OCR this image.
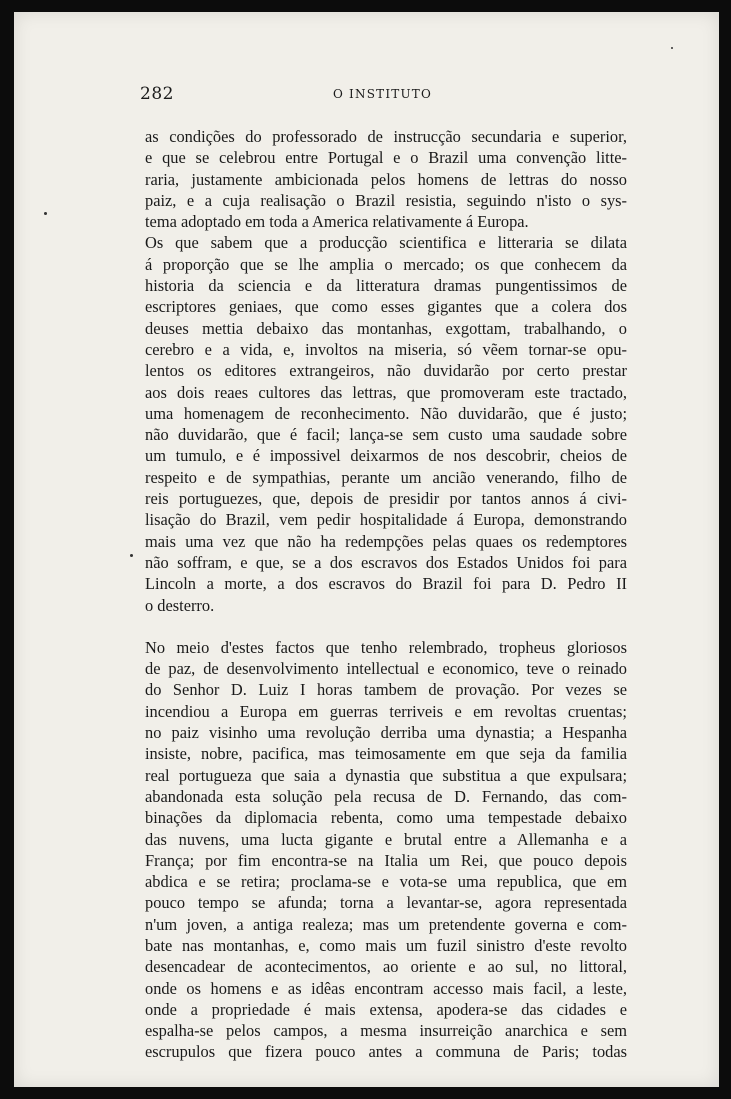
282	O INSTITUTO
as condições do professorado de instrucção secundaria e superior,
e que se celebrou entre Portugal e o Brazil uma convenção litte-
raria, justamente ambicionada pelos homens de lettras do nosso
paiz, e a cuja realisação o Brazil resistia, seguindo n'isto o sys-
tema adoptado em toda a America relativamente á Europa.
Os que sabem que a producção scientifica e litteraria se dilata
á proporção que se lhe amplia o mercado; os que conhecem da
historia da sciencia e da litteratura dramas pungentissimos de
escriptores geniaes, que como esses gigantes que a colera dos
deuses mettia debaixo das montanhas, exgottam, trabalhando, o
cerebro e a vida, e, involtos na miseria, só vẽem tornar-se opu-
lentos os editores extrangeiros, não duvidarão por certo prestar
aos dois reaes cultores das lettras, que promoveram este tractado,
uma homenagem de reconhecimento. Não duvidarão, que é justo;
não duvidarão, que é facil; lança-se sem custo uma saudade sobre
um tumulo, e é impossivel deixarmos de nos descobrir, cheios de
respeito e de sympathias, perante um ancião venerando, filho de
reis portuguezes, que, depois de presidir por tantos annos á civi-
lisação do Brazil, vem pedir hospitalidade á Europa, demonstrando
mais uma vez que não ha redempções pelas quaes os redemptores
não soffram, e que, se a dos escravos dos Estados Unidos foi para
Lincoln a morte, a dos escravos do Brazil foi para D. Pedro II
o desterro.
No meio d'estes factos que tenho relembrado, tropheus gloriosos
de paz, de desenvolvimento intellectual e economico, teve o reinado
do Senhor D. Luiz I horas tambem de provação. Por vezes se
incendiou a Europa em guerras terriveis e em revoltas cruentas;
no paiz visinho uma revolução derriba uma dynastia; a Hespanha
insiste, nobre, pacifica, mas teimosamente em que seja da familia
real portugueza que saia a dynastia que substitua a que expulsara;
abandonada esta solução pela recusa de D. Fernando, das com-
binações da diplomacia rebenta, como uma tempestade debaixo
das nuvens, uma lucta gigante e brutal entre a Allemanha e a
França; por fim encontra-se na Italia um Rei, que pouco depois
abdica e se retira; proclama-se e vota-se uma republica, que em
pouco tempo se afunda; torna a levantar-se, agora representada
n'um joven, a antiga realeza; mas um pretendente governa e com-
bate nas montanhas, e, como mais um fuzil sinistro d'este revolto
desencadear de acontecimentos, ao oriente e ao sul, no littoral,
onde os homens e as idêas encontram accesso mais facil, a leste,
onde a propriedade é mais extensa, apodera-se das cidades e
espalha-se pelos campos, a mesma insurreição anarchica e sem
escrupulos que fizera pouco antes a communa de Paris; todas
